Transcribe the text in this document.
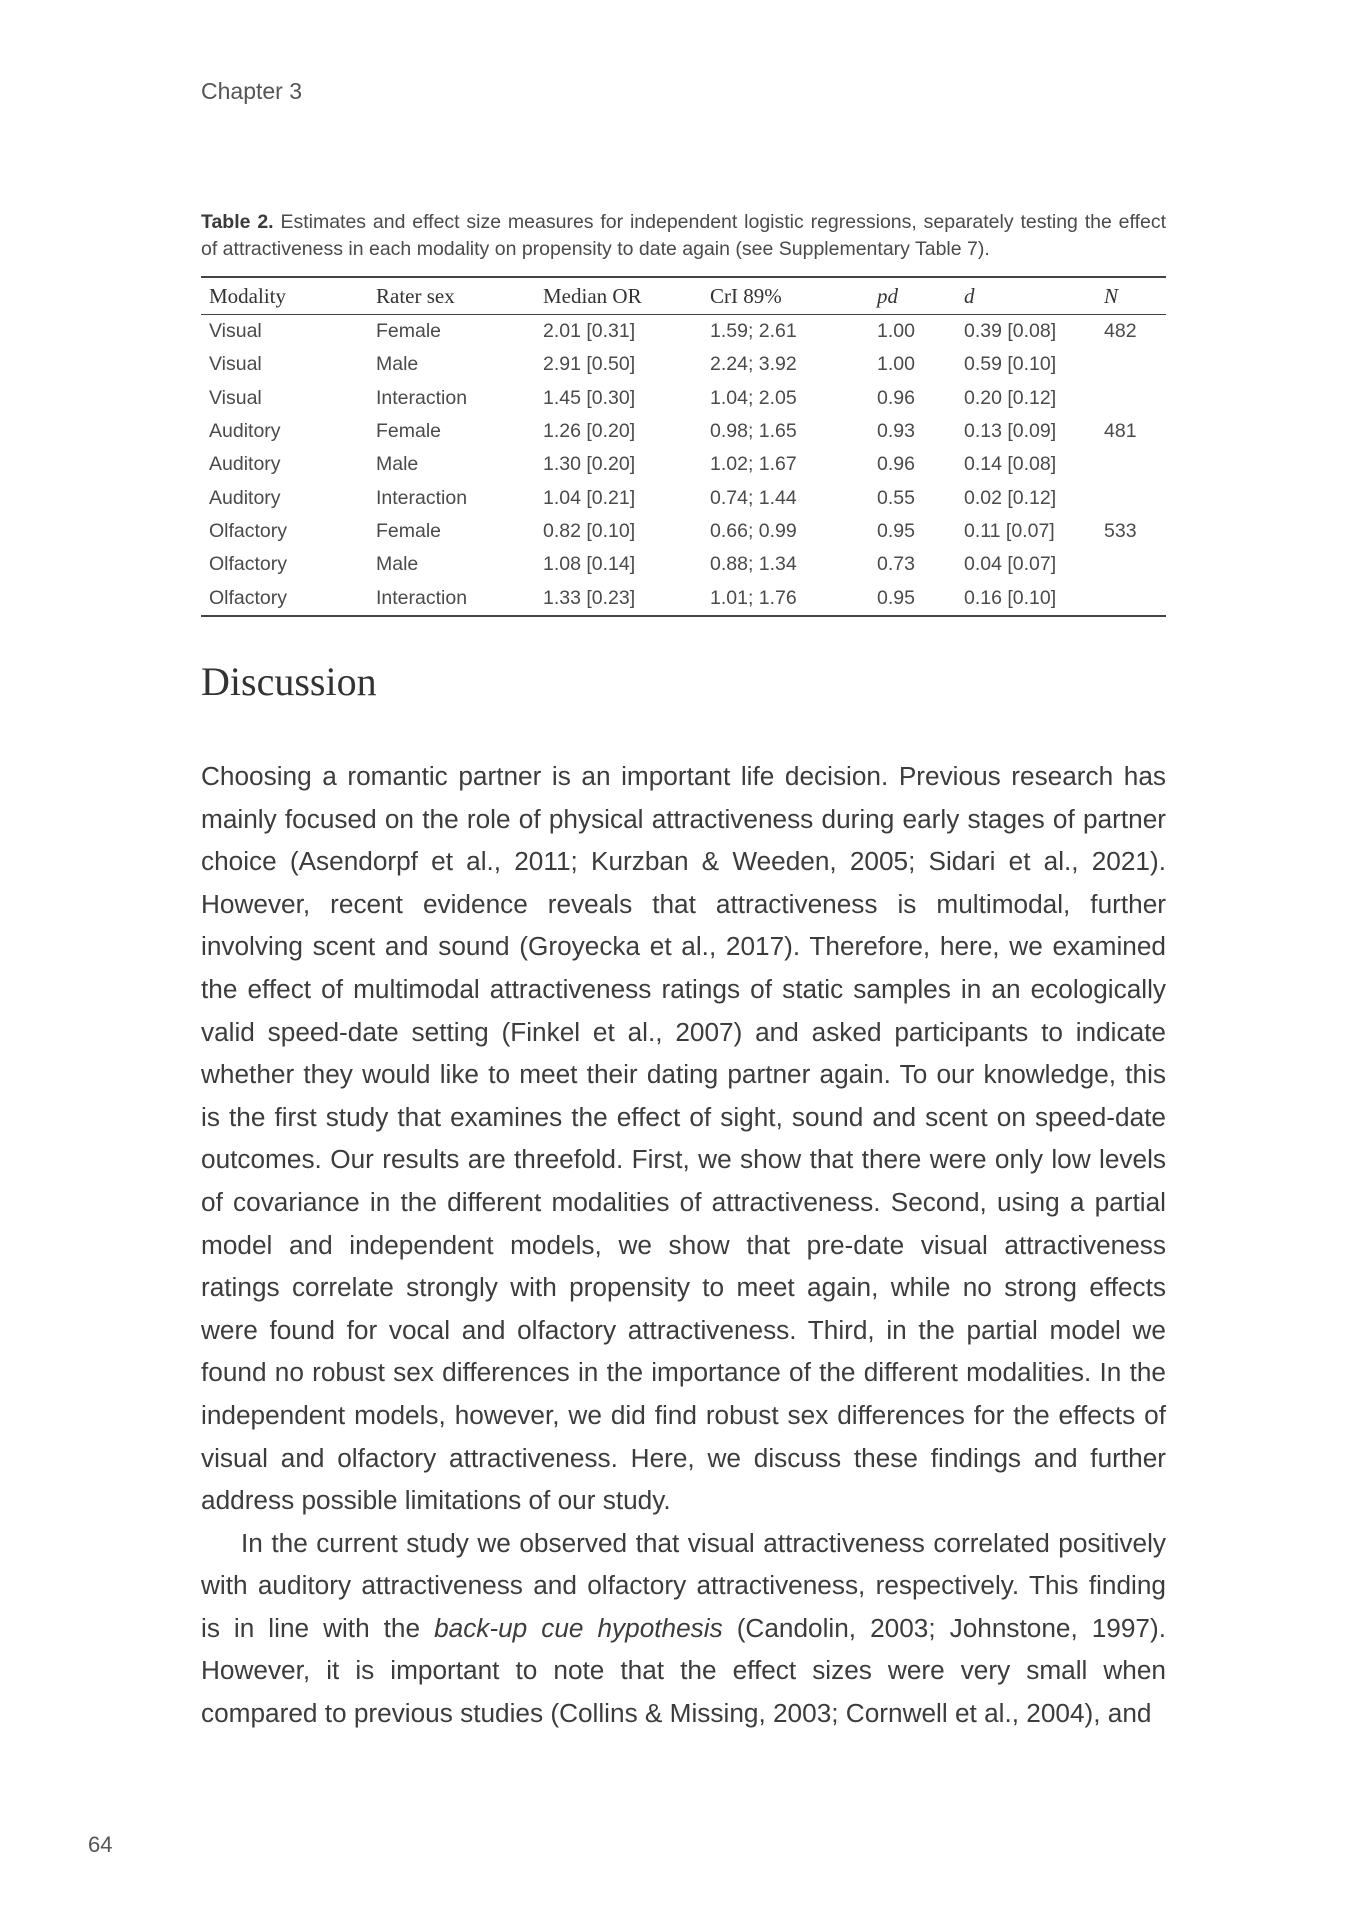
Chapter 3
Table 2. Estimates and effect size measures for independent logistic regressions, separately testing the effect of attractiveness in each modality on propensity to date again (see Supplementary Table 7).
Modality	Rater sex	Median OR	CrI 89%	pd	d	N
Visual	Female	2.01 [0.31]	1.59; 2.61	1.00	0.39 [0.08]	482
Visual	Male	2.91 [0.50]	2.24; 3.92	1.00	0.59 [0.10]	
Visual	Interaction	1.45 [0.30]	1.04; 2.05	0.96	0.20 [0.12]	
Auditory	Female	1.26 [0.20]	0.98; 1.65	0.93	0.13 [0.09]	481
Auditory	Male	1.30 [0.20]	1.02; 1.67	0.96	0.14 [0.08]	
Auditory	Interaction	1.04 [0.21]	0.74; 1.44	0.55	0.02 [0.12]	
Olfactory	Female	0.82 [0.10]	0.66; 0.99	0.95	0.11 [0.07]	533
Olfactory	Male	1.08 [0.14]	0.88; 1.34	0.73	0.04 [0.07]	
Olfactory	Interaction	1.33 [0.23]	1.01; 1.76	0.95	0.16 [0.10]	
Discussion

Choosing a romantic partner is an important life decision. Previous research has mainly focused on the role of physical attractiveness during early stages of partner choice (Asendorpf et al., 2011; Kurzban & Weeden, 2005; Sidari et al., 2021). However, recent evidence reveals that attractiveness is multimodal, further involving scent and sound (Groyecka et al., 2017). Therefore, here, we examined the effect of multimodal attractiveness ratings of static samples in an ecologically valid speed-date setting (Finkel et al., 2007) and asked participants to indicate whether they would like to meet their dating partner again. To our knowledge, this is the first study that examines the effect of sight, sound and scent on speed-date outcomes. Our results are threefold. First, we show that there were only low levels of covariance in the different modalities of attractiveness. Second, using a partial model and independent models, we show that pre-date visual attractiveness ratings correlate strongly with propensity to meet again, while no strong effects were found for vocal and olfactory attractiveness. Third, in the partial model we found no robust sex differences in the importance of the different modalities. In the independent models, however, we did find robust sex differences for the effects of visual and olfactory attractiveness. Here, we discuss these findings and further address possible limitations of our study.

In the current study we observed that visual attractiveness correlated positively with auditory attractiveness and olfactory attractiveness, respectively. This finding is in line with the back-up cue hypothesis (Candolin, 2003; Johnstone, 1997). However, it is important to note that the effect sizes were very small when compared to previous studies (Collins & Missing, 2003; Cornwell et al., 2004), and

64
